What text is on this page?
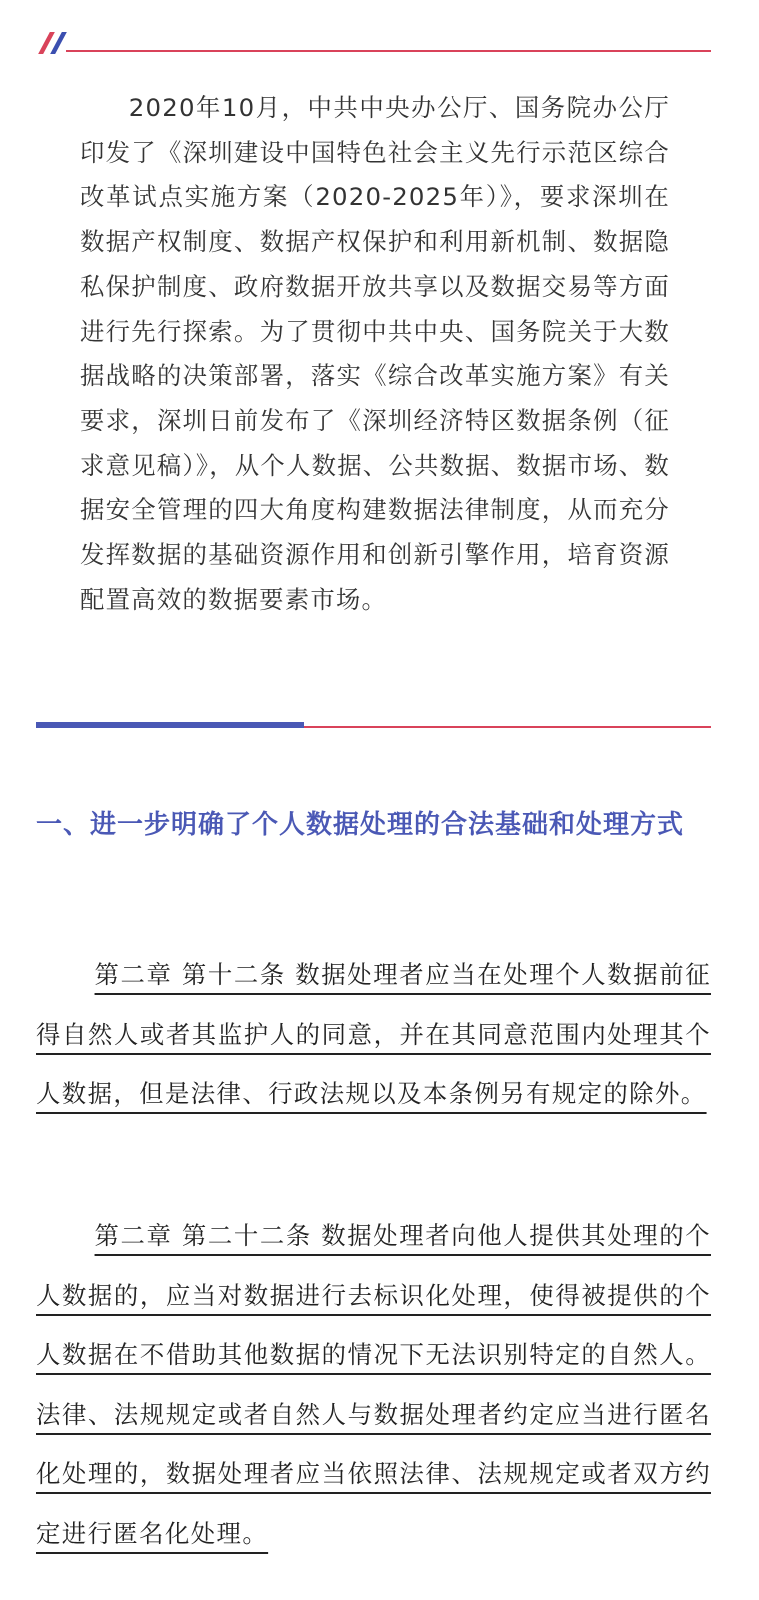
2020年10月，中共中央办公厅、国务院办公厅印发了《深圳建设中国特色社会主义先行示范区综合改革试点实施方案（2020-2025年）》，要求深圳在数据产权制度、数据产权保护和利用新机制、数据隐私保护制度、政府数据开放共享以及数据交易等方面进行先行探索。为了贯彻中共中央、国务院关于大数据战略的决策部署，落实《综合改革实施方案》有关要求，深圳日前发布了《深圳经济特区数据条例（征求意见稿）》，从个人数据、公共数据、数据市场、数据安全管理的四大角度构建数据法律制度，从而充分发挥数据的基础资源作用和创新引擎作用，培育资源配置高效的数据要素市场。

一、进一步明确了个人数据处理的合法基础和处理方式

第二章 第十二条 数据处理者应当在处理个人数据前征得自然人或者其监护人的同意，并在其同意范围内处理其个人数据，但是法律、行政法规以及本条例另有规定的除外。

第二章 第二十二条 数据处理者向他人提供其处理的个人数据的，应当对数据进行去标识化处理，使得被提供的个人数据在不借助其他数据的情况下无法识别特定的自然人。法律、法规规定或者自然人与数据处理者约定应当进行匿名化处理的，数据处理者应当依照法律、法规规定或者双方约定进行匿名化处理。
